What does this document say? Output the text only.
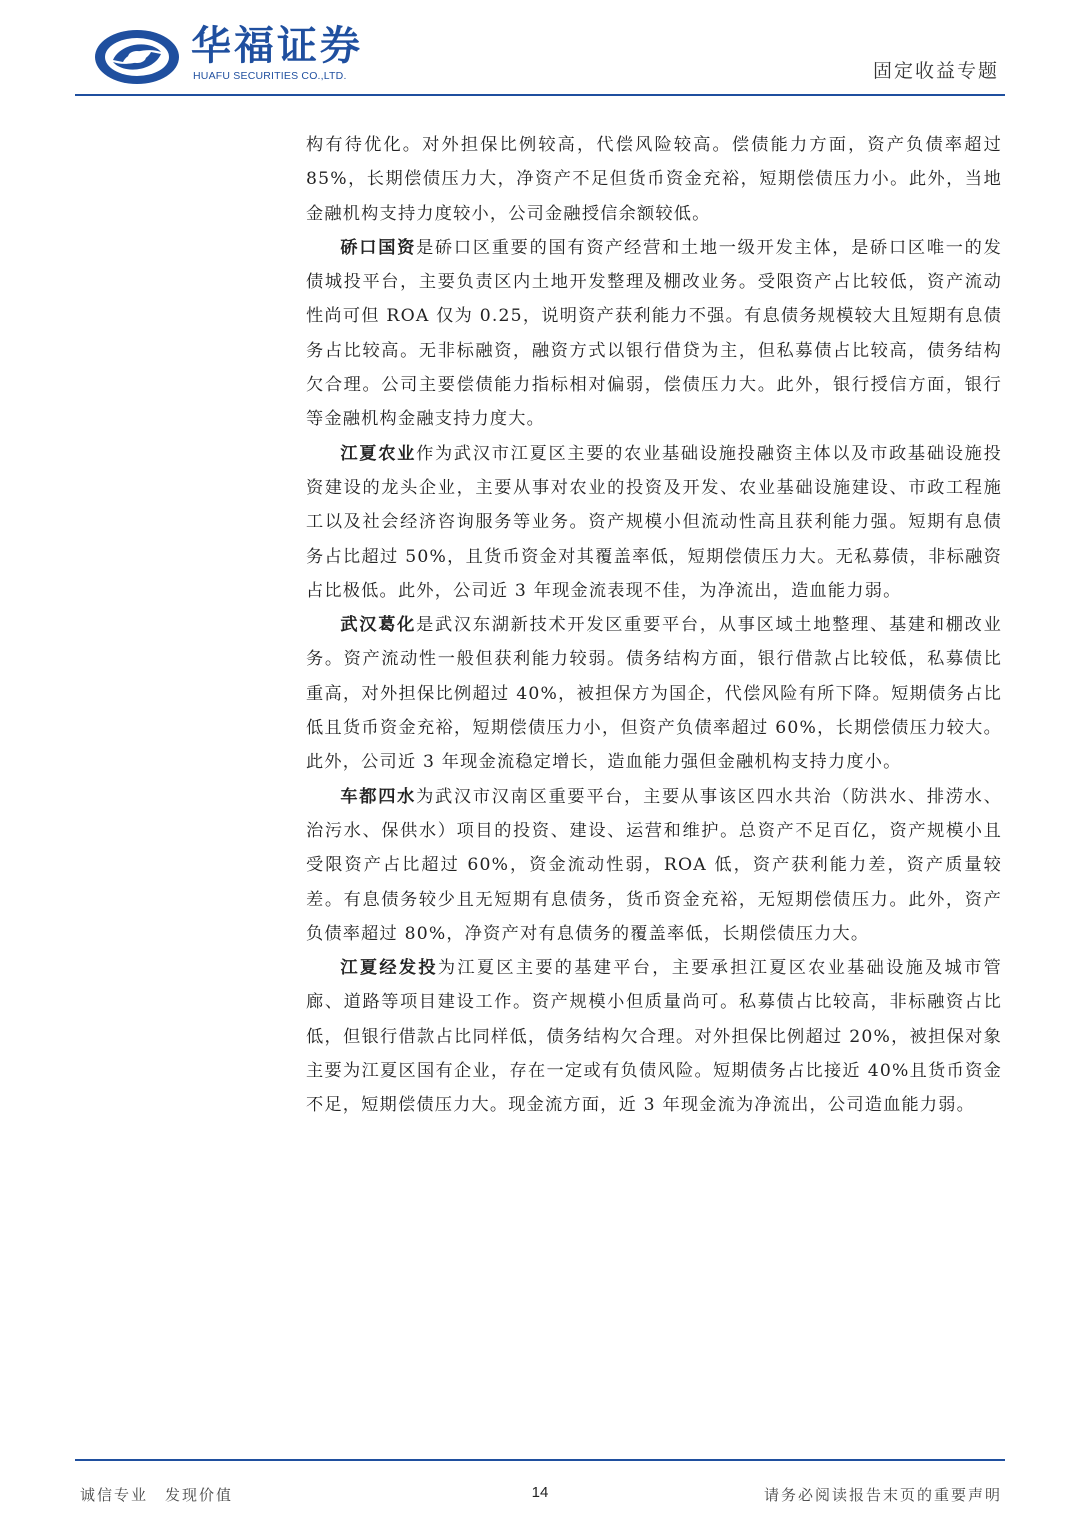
华福证券
HUAFU SECURITIES CO.,LTD.	固定收益专题

构有待优化。对外担保比例较高，代偿风险较高。偿债能力方面，资产负债率超过 85%，长期偿债压力大，净资产不足但货币资金充裕，短期偿债压力小。此外，当地金融机构支持力度较小，公司金融授信余额较低。

硚口国资是硚口区重要的国有资产经营和土地一级开发主体，是硚口区唯一的发债城投平台，主要负责区内土地开发整理及棚改业务。受限资产占比较低，资产流动性尚可但 ROA 仅为 0.25，说明资产获利能力不强。有息债务规模较大且短期有息债务占比较高。无非标融资，融资方式以银行借贷为主，但私募债占比较高，债务结构欠合理。公司主要偿债能力指标相对偏弱，偿债压力大。此外，银行授信方面，银行等金融机构金融支持力度大。

江夏农业作为武汉市江夏区主要的农业基础设施投融资主体以及市政基础设施投资建设的龙头企业，主要从事对农业的投资及开发、农业基础设施建设、市政工程施工以及社会经济咨询服务等业务。资产规模小但流动性高且获利能力强。短期有息债务占比超过 50%，且货币资金对其覆盖率低，短期偿债压力大。无私募债，非标融资占比极低。此外，公司近 3 年现金流表现不佳，为净流出，造血能力弱。

武汉葛化是武汉东湖新技术开发区重要平台，从事区域土地整理、基建和棚改业务。资产流动性一般但获利能力较弱。债务结构方面，银行借款占比较低，私募债比重高，对外担保比例超过 40%，被担保方为国企，代偿风险有所下降。短期债务占比低且货币资金充裕，短期偿债压力小，但资产负债率超过 60%，长期偿债压力较大。此外，公司近 3 年现金流稳定增长，造血能力强但金融机构支持力度小。

车都四水为武汉市汉南区重要平台，主要从事该区四水共治（防洪水、排涝水、治污水、保供水）项目的投资、建设、运营和维护。总资产不足百亿，资产规模小且受限资产占比超过 60%，资金流动性弱，ROA 低，资产获利能力差，资产质量较差。有息债务较少且无短期有息债务，货币资金充裕，无短期偿债压力。此外，资产负债率超过 80%，净资产对有息债务的覆盖率低，长期偿债压力大。

江夏经发投为江夏区主要的基建平台，主要承担江夏区农业基础设施及城市管廊、道路等项目建设工作。资产规模小但质量尚可。私募债占比较高，非标融资占比低，但银行借款占比同样低，债务结构欠合理。对外担保比例超过 20%，被担保对象主要为江夏区国有企业，存在一定或有负债风险。短期债务占比接近 40%且货币资金不足，短期偿债压力大。现金流方面，近 3 年现金流为净流出，公司造血能力弱。

诚信专业　发现价值	14	请务必阅读报告末页的重要声明
